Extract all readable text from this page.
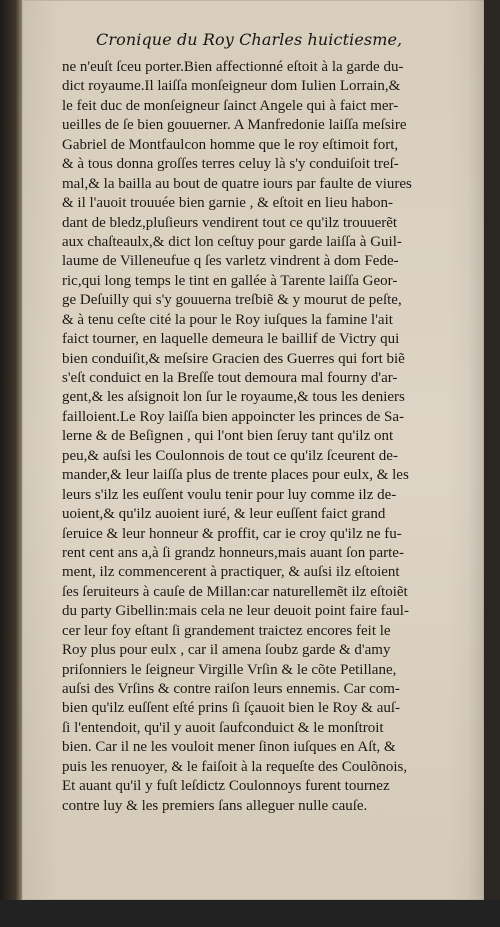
Cronique du Roy Charles huictiesme,
ne n'euſt ſceu porter.Bien affectionné eſtoit à la garde du-
dict royaume.Il laiſſa monſeigneur dom Iulien Lorrain,&
le feit duc de monſeigneur ſainct Angele qui à faict mer-
ueilles de ſe bien gouuerner. A Manfredonie laiſſa meſsire
Gabriel de Montfaulcon homme que le roy eſtimoit fort,
& à tous donna groſſes terres celuy là s'y conduiſoit treſ-
mal,& la bailla au bout de quatre iours par faulte de viures
& il l'auoit trouuée bien garnie , & eſtoit en lieu habon-
dant de bledz,pluſieurs vendirent tout ce qu'ilz trouuerẽt
aux chaſteaulx,& dict lon ceſtuy pour garde laiſſa à Guil-
laume de Villeneufue q ſes varletz vindrent à dom Fede-
ric,qui long temps le tint en gallée à Tarente laiſſa Geor-
ge Deſuilly qui s'y gouuerna treſbiẽ & y mourut de peſte,
& à tenu ceſte cité la pour le Roy iuſques la famine l'ait
faict tourner, en laquelle demeura le baillif de Victry qui
bien conduiſit,& meſsire Gracien des Guerres qui fort biẽ
s'eſt conduict en la Breſſe tout demoura mal fourny d'ar-
gent,& les aſsignoit lon ſur le royaume,& tous les deniers
failloient.Le Roy laiſſa bien appoincter les princes de Sa-
lerne & de Beſignen , qui l'ont bien ſeruy tant qu'ilz ont
peu,& auſsi les Coulonnois de tout ce qu'ilz ſceurent de-
mander,& leur laiſſa plus de trente places pour eulx, & les
leurs s'ilz les euſſent voulu tenir pour luy comme ilz de-
uoient,& qu'ilz auoient iuré, & leur euſſent faict grand
ſeruice & leur honneur & proffit, car ie croy qu'ilz ne fu-
rent cent ans a,à ſi grandz honneurs,mais auant ſon parte-
ment, ilz commencerent à practiquer, & auſsi ilz eſtoient
ſes ſeruiteurs à cauſe de Millan:car naturellemẽt ilz eſtoiẽt
du party Gibellin:mais cela ne leur deuoit point faire faul-
cer leur foy eſtant ſi grandement traictez encores feit le
Roy plus pour eulx , car il amena ſoubz garde & d'amy
priſonniers le ſeigneur Virgille Vrſin & le cõte Petillane,
auſsi des Vrſins & contre raiſon leurs ennemis. Car com-
bien qu'ilz euſſent eſté prins ſi ſçauoit bien le Roy & auſ-
ſi l'entendoit, qu'il y auoit ſaufconduict & le monſtroit
bien. Car il ne les vouloit mener ſinon iuſques en Aſt, &
puis les renuoyer, & le faiſoit à la requeſte des Coulõnois,
Et auant qu'il y fuſt leſdictz Coulonnoys furent tournez
contre luy & les premiers ſans alleguer nulle cauſe.
